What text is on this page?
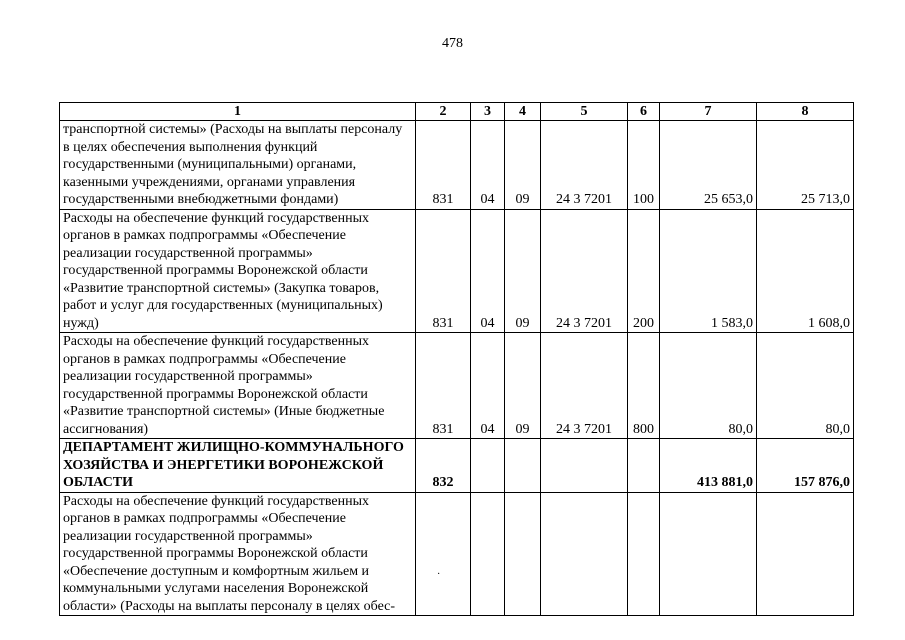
478
1	2	3	4	5	6	7	8
транспортной системы» (Расходы на выплаты персоналу в целях обеспечения выполнения функций государственными (муниципальными) органами, казенными учреждениями, органами управления государственными внебюджетными фондами)	831	04	09	24 3 7201	100	25 653,0	25 713,0
Расходы на обеспечение функций государственных органов в рамках подпрограммы «Обеспечение реализации государственной программы» государственной программы Воронежской области «Развитие транспортной системы» (Закупка товаров, работ и услуг для государственных (муниципальных) нужд)	831	04	09	24 3 7201	200	1 583,0	1 608,0
Расходы на обеспечение функций государственных органов в рамках подпрограммы «Обеспечение реализации государственной программы» государственной программы Воронежской области «Развитие транспортной системы» (Иные бюджетные ассигнования)	831	04	09	24 3 7201	800	80,0	80,0
ДЕПАРТАМЕНТ ЖИЛИЩНО-КОММУНАЛЬНОГО ХОЗЯЙСТВА И ЭНЕРГЕТИКИ ВОРОНЕЖСКОЙ ОБЛАСТИ	832					413 881,0	157 876,0
Расходы на обеспечение функций государственных органов в рамках подпрограммы «Обеспечение реализации государственной программы» государственной программы Воронежской области «Обеспечение доступным и комфортным жильем и коммунальными услугами населения Воронежской области» (Расходы на выплаты персоналу в целях обес-							
·
